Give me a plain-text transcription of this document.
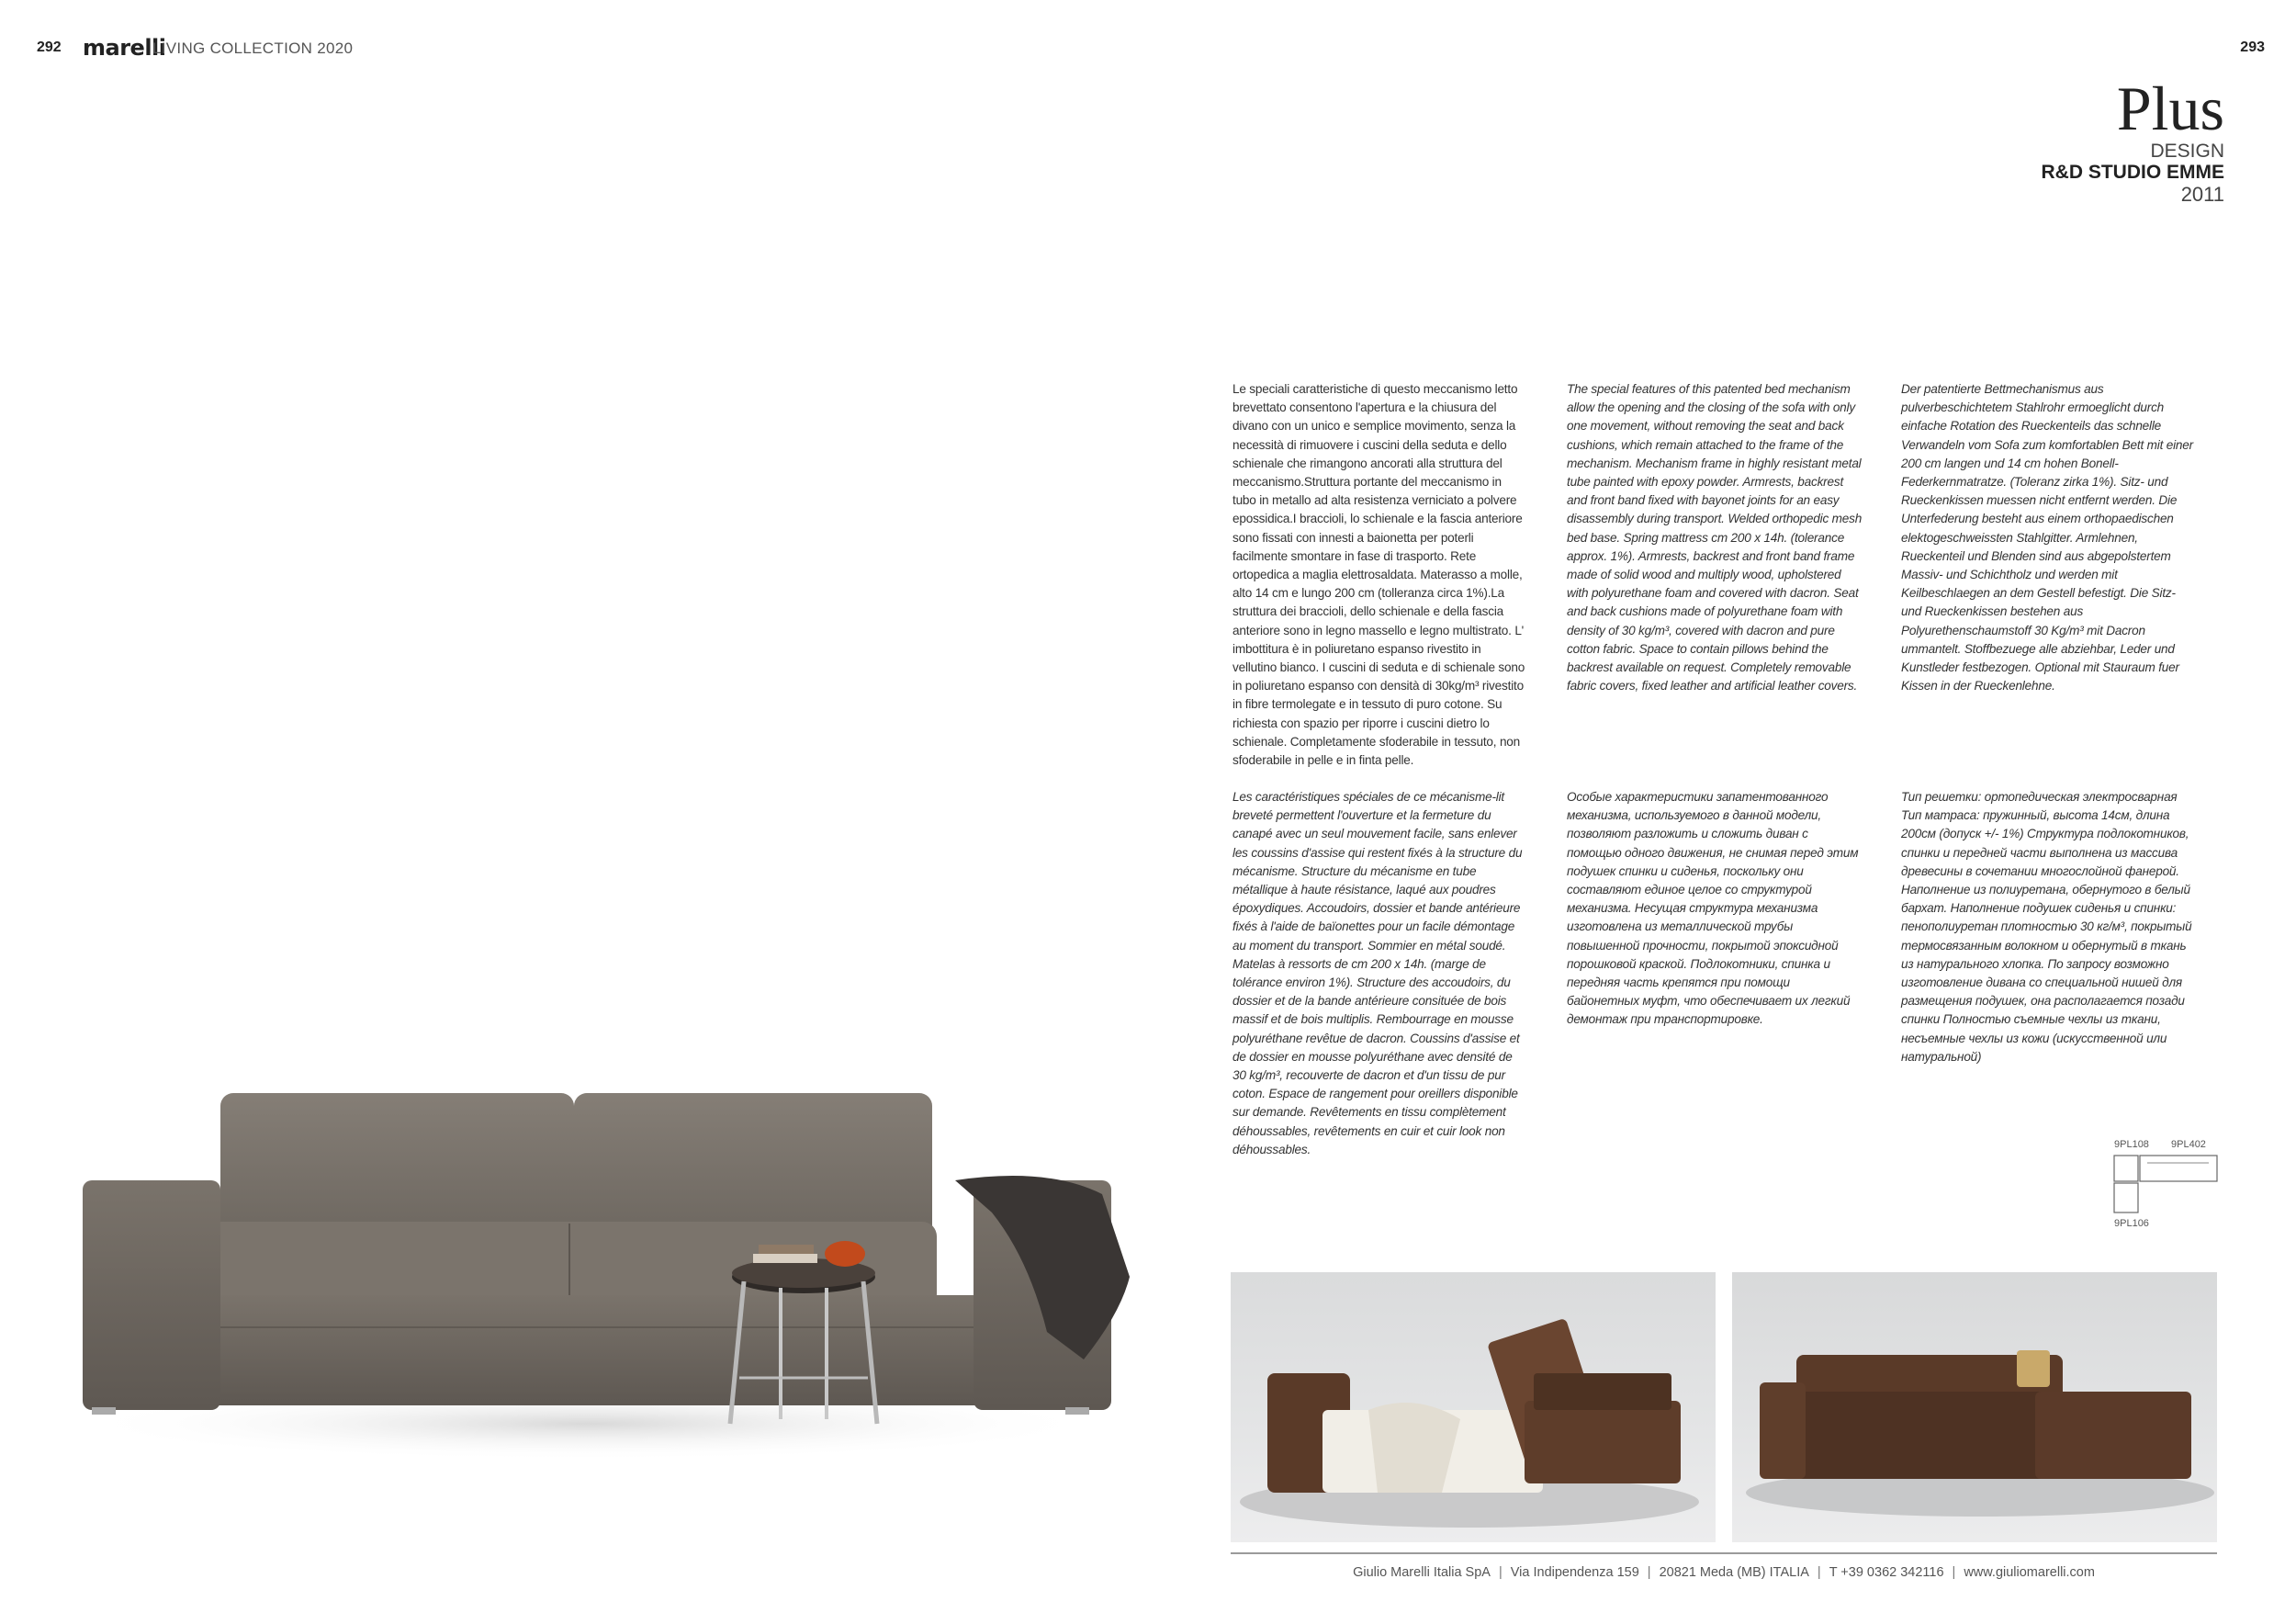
292 marelli
LIVING COLLECTION 2020	293
Plus
DESIGN
R&D STUDIO EMME
2011
Le speciali caratteristiche di questo meccanismo letto brevettato consentono l'apertura e la chiusura del divano con un unico e semplice movimento, senza la necessità di rimuovere i cuscini della seduta e dello schienale che rimangono ancorati alla struttura del meccanismo.Struttura portante del meccanismo in tubo in metallo ad alta resistenza verniciato a polvere epossidica.I braccioli, lo schienale e la fascia anteriore sono fissati con innesti a baionetta per poterli facilmente smontare in fase di trasporto. Rete ortopedica a maglia elettrosaldata. Materasso a molle, alto 14 cm e lungo 200 cm (tolleranza circa 1%).La struttura dei braccioli, dello schienale e della fascia anteriore sono in legno massello e legno multistrato. L' imbottitura è in poliuretano espanso rivestito in vellutino bianco. I cuscini di seduta e di schienale sono in poliuretano espanso con densità di 30kg/m³ rivestito in fibre termolegate e in tessuto di puro cotone. Su richiesta con spazio per riporre i cuscini dietro lo schienale. Completamente sfoderabile in tessuto, non sfoderabile in pelle e in finta pelle.
The special features of this patented bed mechanism allow the opening and the closing of the sofa with only one movement, without removing the seat and back cushions, which remain attached to the frame of the mechanism. Mechanism frame in highly resistant metal tube painted with epoxy powder. Armrests, backrest and front band fixed with bayonet joints for an easy disassembly during transport. Welded orthopedic mesh bed base. Spring mattress cm 200 x 14h. (tolerance approx. 1%). Armrests, backrest and front band frame made of solid wood and multiply wood, upholstered with polyurethane foam and covered with dacron. Seat and back cushions made of polyurethane foam with density of 30 kg/m³, covered with dacron and pure cotton fabric. Space to contain pillows behind the backrest available on request. Completely removable fabric covers, fixed leather and artificial leather covers.
Der patentierte Bettmechanismus aus pulverbeschichtetem Stahlrohr ermoeglicht durch einfache Rotation des Rueckenteils das schnelle Verwandeln vom Sofa zum komfortablen Bett mit einer 200 cm langen und 14 cm hohen Bonell-Federkernmatratze. (Toleranz zirka 1%). Sitz- und Rueckenkissen muessen nicht entfernt werden. Die Unterfederung besteht aus einem orthopaedischen elektogeschweissten Stahlgitter. Armlehnen, Rueckenteil und Blenden sind aus abgepolstertem Massiv- und Schichtholz und werden mit Keilbeschlaegen an dem Gestell befestigt. Die Sitz- und Rueckenkissen bestehen aus Polyurethenschaumstoff 30 Kg/m³ mit Dacron ummantelt. Stoffbezuege alle abziehbar, Leder und Kunstleder festbezogen. Optional mit Stauraum fuer Kissen in der Rueckenlehne.
Les caractéristiques spéciales de ce mécanisme-lit breveté permettent l'ouverture et la fermeture du canapé avec un seul mouvement facile, sans enlever les coussins d'assise qui restent fixés à la structure du mécanisme. Structure du mécanisme en tube métallique à haute résistance, laqué aux poudres époxydiques. Accoudoirs, dossier et bande antérieure fixés à l'aide de baïonettes pour un facile démontage au moment du transport. Sommier en métal soudé. Matelas à ressorts de cm 200 x 14h. (marge de tolérance environ 1%). Structure des accoudoirs, du dossier et de la bande antérieure consituée de bois massif et de bois multiplis. Rembourrage en mousse polyuréthane revêtue de dacron. Coussins d'assise et de dossier en mousse polyuréthane avec densité de 30 kg/m³, recouverte de dacron et d'un tissu de pur coton. Espace de rangement pour oreillers disponible sur demande. Revêtements en tissu complètement déhoussables, revêtements en cuir et cuir look non déhoussables.
Особые характеристики запатентованного механизма, используемого в данной модели, позволяют разложить и сложить диван с помощью одного движения, не снимая перед этим подушек спинки и сиденья, поскольку они составляют единое целое со структурой механизма. Несущая структура механизма изготовлена из металлической трубы повышенной прочности, покрытой эпоксидной порошковой краской. Подлокотники, спинка и передняя часть крепятся при помощи байонетных муфт, что обеспечивает их легкий демонтаж при транспортировке.
Тип решетки: ортопедическая электросварная Тип матраса: пружинный, высота 14см, длина 200см (допуск +/- 1%) Структура подлокотников, спинки и передней части выполнена из массива древесины в сочетании многослойной фанерой. Наполнение из полиуретана, обернутого в белый бархат. Наполнение подушек сиденья и спинки: пенополиуретан плотностью 30 кг/м³, покрытый термосвязанным волокном и обернутый в ткань из натурального хлопка. По запросу возможно изготовление дивана со специальной нишей для размещения подушек, она располагается позади спинки Полностью съемные чехлы из ткани, несъемные чехлы из кожи (искусственной или натуральной)
9PL108 9PL402
9PL106
Giulio Marelli Italia SpA | Via Indipendenza 159 | 20821 Meda (MB) ITALIA | T +39 0362 342116 | www.giuliomarelli.com
